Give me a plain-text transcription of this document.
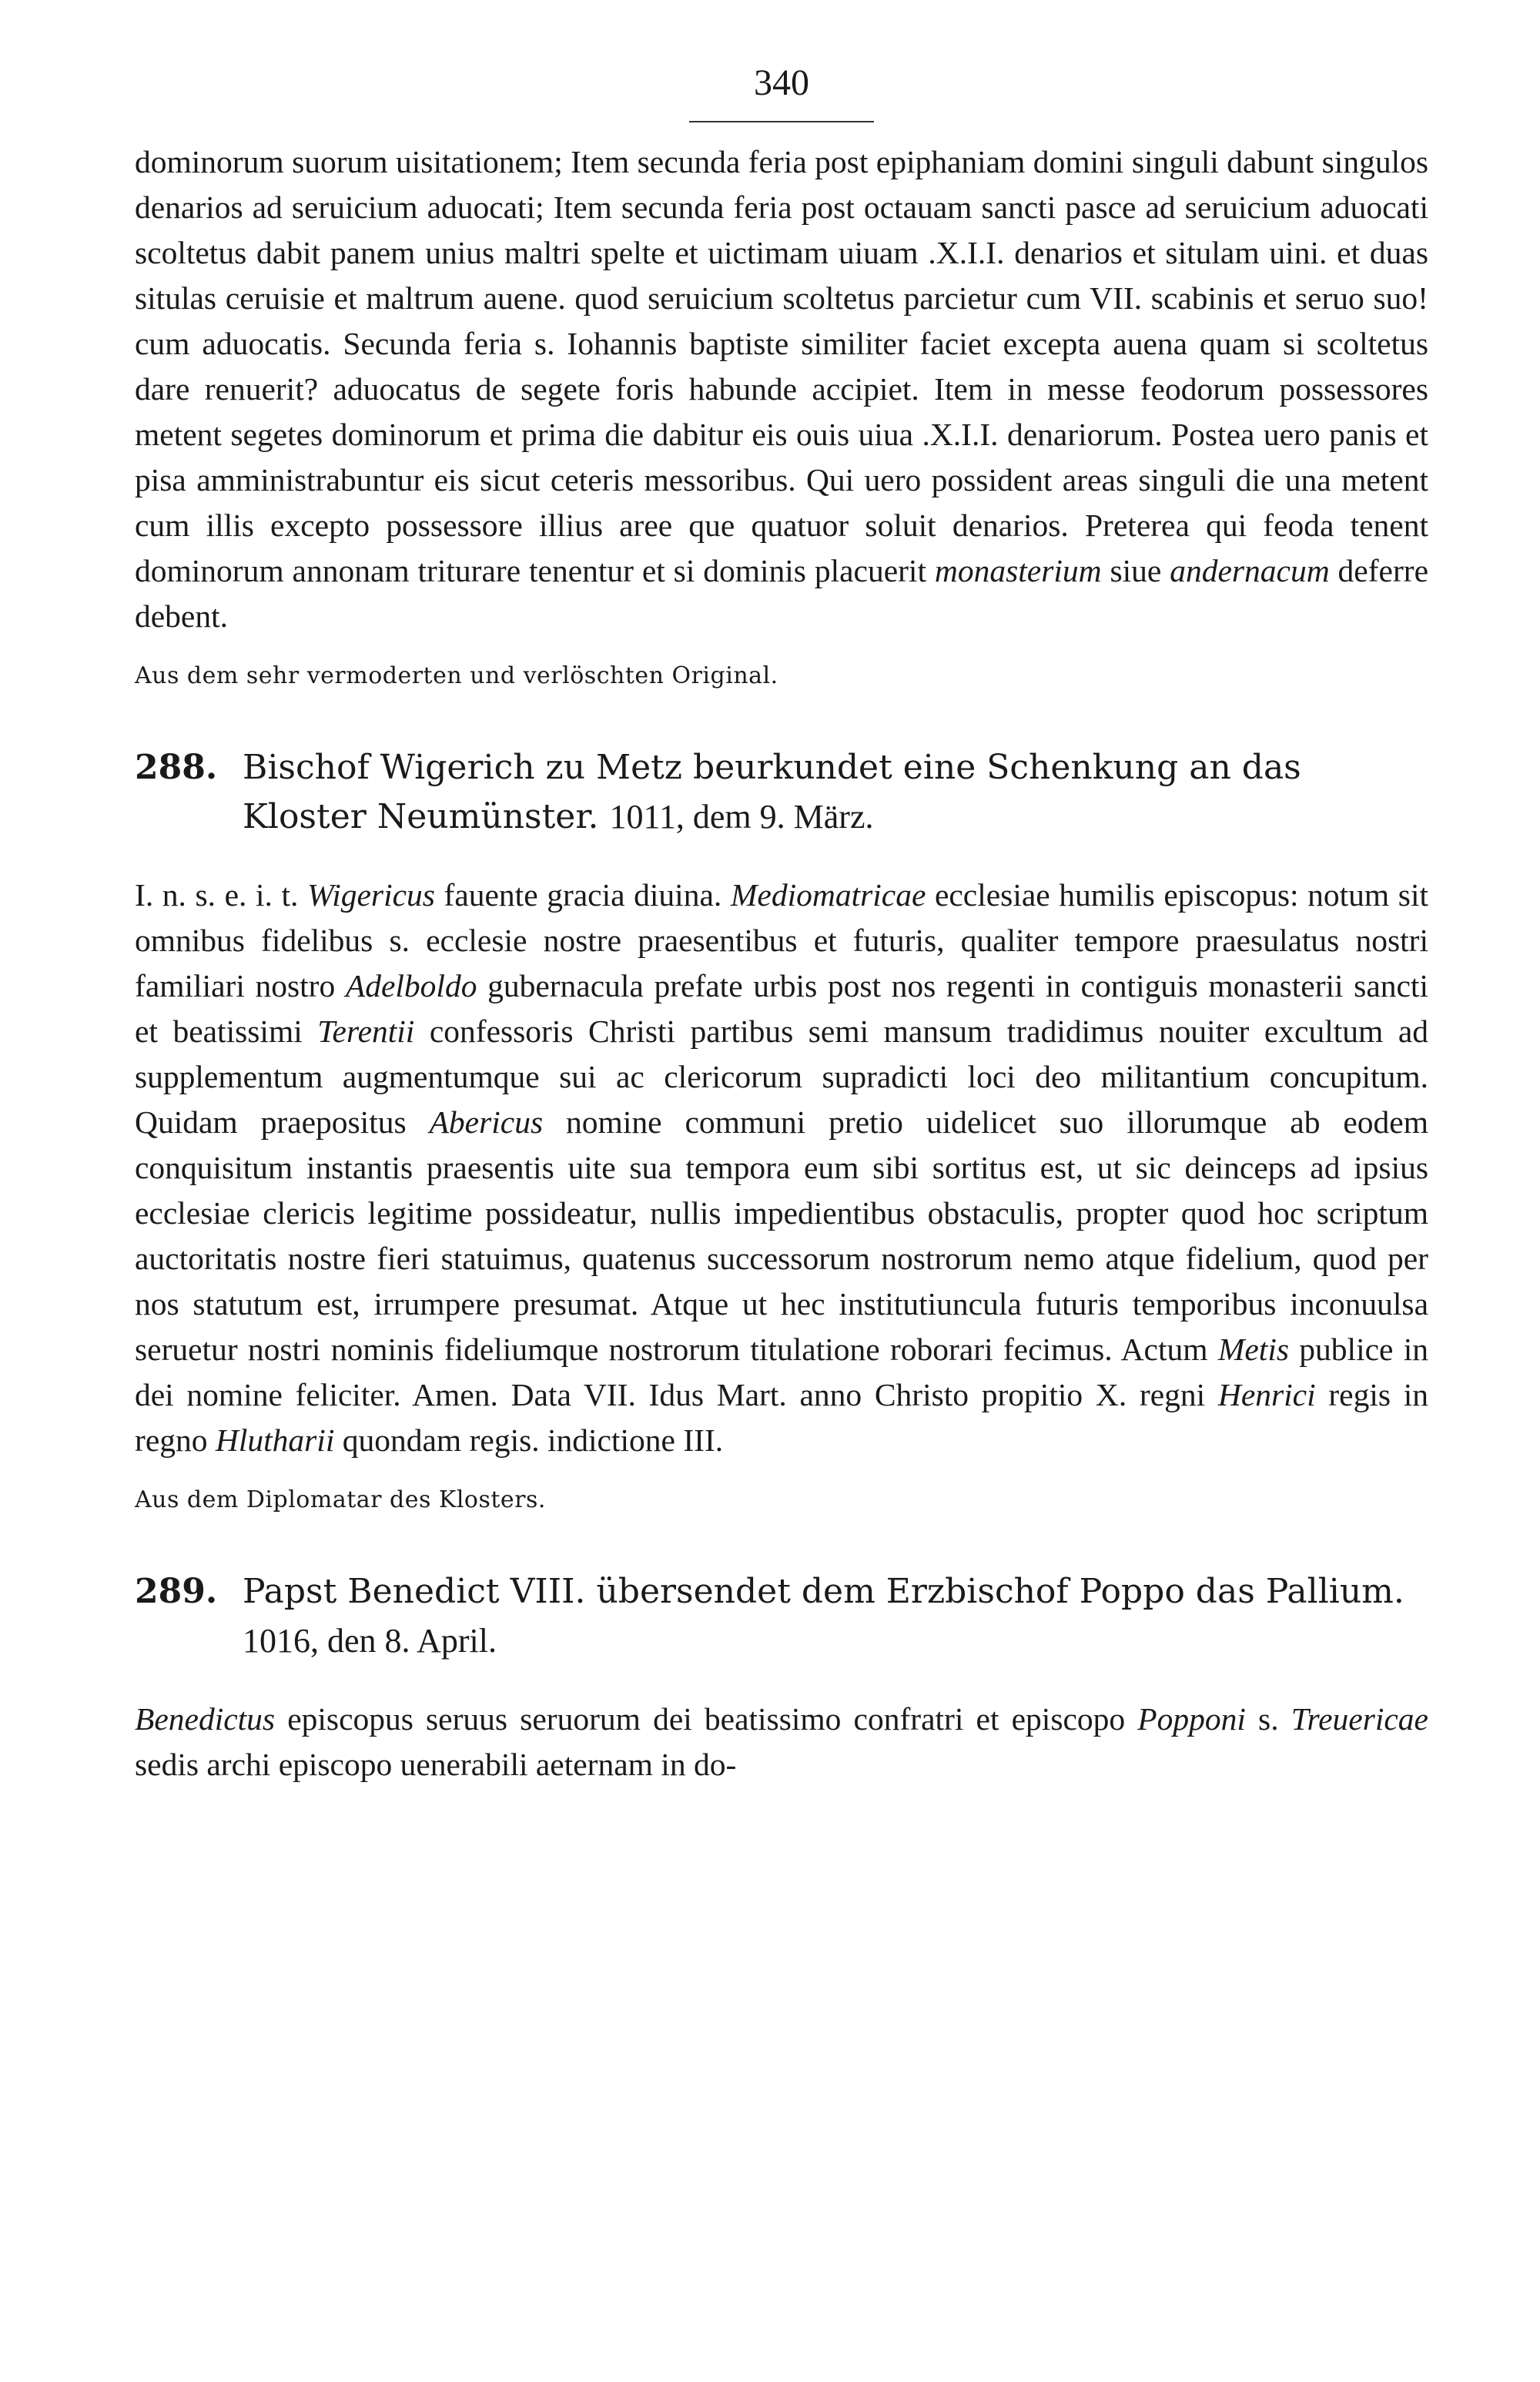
340

dominorum suorum uisitationem; Item secunda feria post epiphaniam domini singuli dabunt singulos denarios ad seruicium aduocati; Item secunda feria post octauam sancti pasce ad seruicium aduocati scoltetus dabit panem unius maltri spelte et uictimam uiuam .X.I.I. denarios et situlam uini. et duas situlas ceruisie et maltrum auene. quod seruicium scoltetus parcietur cum VII. scabinis et seruo suo! cum aduocatis. Secunda feria s. Iohannis baptiste similiter faciet excepta auena quam si scoltetus dare renuerit? aduocatus de segete foris habunde accipiet. Item in messe feodorum possessores metent segetes dominorum et prima die dabitur eis ouis uiua .X.I.I. denariorum. Postea uero panis et pisa amministrabuntur eis sicut ceteris messoribus. Qui uero possident areas singuli die una metent cum illis excepto possessore illius aree que quatuor soluit denarios. Preterea qui feoda tenent dominorum annonam triturare tenentur et si dominis placuerit monasterium siue andernacum deferre debent.

Aus dem sehr vermoderten und verlöschten Original.

288. Bischof Wigerich zu Metz beurkundet eine Schenkung an das Kloster Neumünster. 1011, dem 9. März.

I. n. s. e. i. t. Wigericus fauente gracia diuina. Mediomatricae ecclesiae humilis episcopus: notum sit omnibus fidelibus s. ecclesie nostre praesentibus et futuris, qualiter tempore praesulatus nostri familiari nostro Adelboldo gubernacula prefate urbis post nos regenti in contiguis monasterii sancti et beatissimi Terentii confessoris Christi partibus semi mansum tradidimus nouiter excultum ad supplementum augmentumque sui ac clericorum supradicti loci deo militantium concupitum. Quidam praepositus Abericus nomine communi pretio uidelicet suo illorumque ab eodem conquisitum instantis praesentis uite sua tempora eum sibi sortitus est, ut sic deinceps ad ipsius ecclesiae clericis legitime possideatur, nullis impedientibus obstaculis, propter quod hoc scriptum auctoritatis nostre fieri statuimus, quatenus successorum nostrorum nemo atque fidelium, quod per nos statutum est, irrumpere presumat. Atque ut hec institutiuncula futuris temporibus inconuulsa seruetur nostri nominis fideliumque nostrorum titulatione roborari fecimus. Actum Metis publice in dei nomine feliciter. Amen. Data VII. Idus Mart. anno Christo propitio X. regni Henrici regis in regno Hlutharii quondam regis. indictione III.

Aus dem Diplomatar des Klosters.

289. Papst Benedict VIII. übersendet dem Erzbischof Poppo das Pallium. 1016, den 8. April.

Benedictus episcopus seruus seruorum dei beatissimo confratri et episcopo Popponi s. Treuericae sedis archi episcopo uenerabili aeternam in do-
